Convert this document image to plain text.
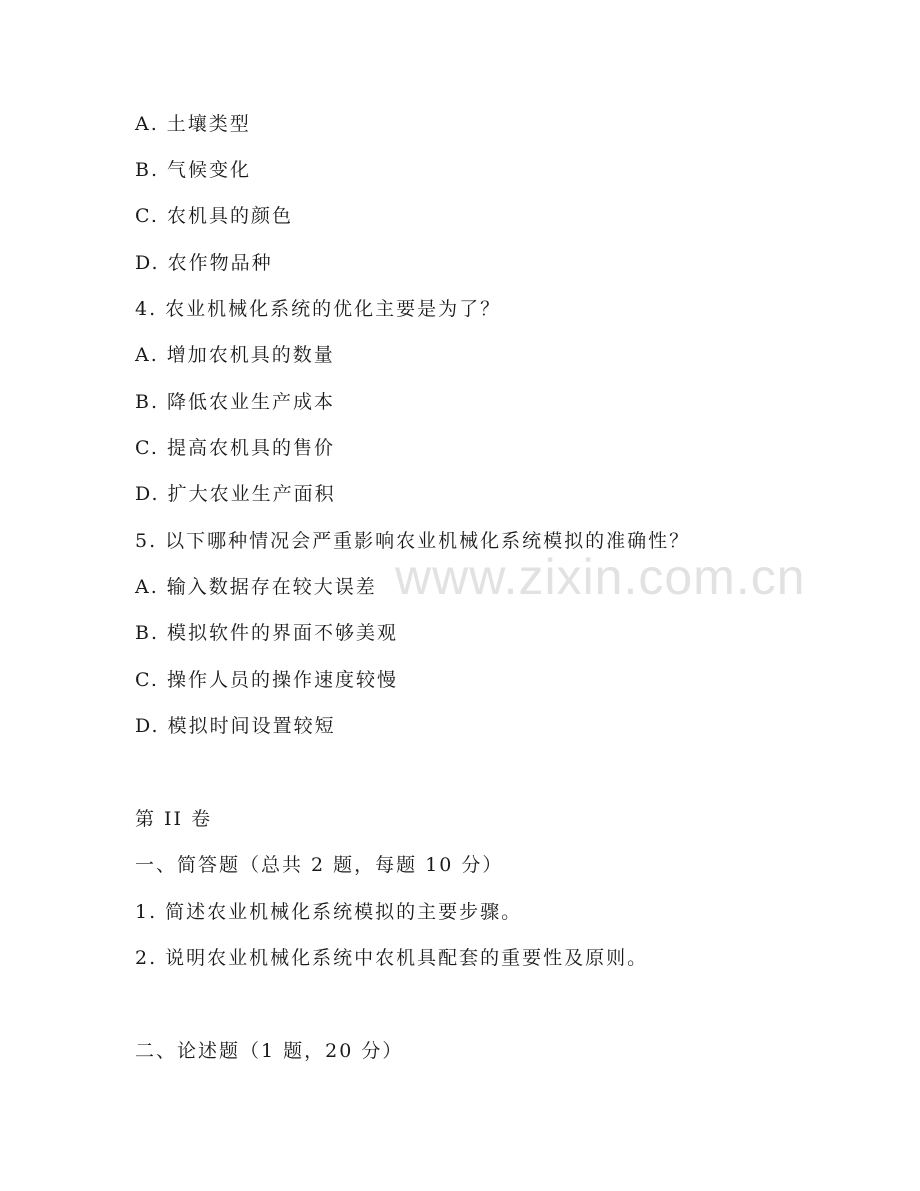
www.zixin.com.cn
A. 土壤类型
B. 气候变化
C. 农机具的颜色
D. 农作物品种
4. 农业机械化系统的优化主要是为了？
A. 增加农机具的数量
B. 降低农业生产成本
C. 提高农机具的售价
D. 扩大农业生产面积
5. 以下哪种情况会严重影响农业机械化系统模拟的准确性？
A. 输入数据存在较大误差
B. 模拟软件的界面不够美观
C. 操作人员的操作速度较慢
D. 模拟时间设置较短
第 II 卷
一、简答题（总共 2 题，每题 10 分）
1. 简述农业机械化系统模拟的主要步骤。
2. 说明农业机械化系统中农机具配套的重要性及原则。
二、论述题（1 题，20 分）
